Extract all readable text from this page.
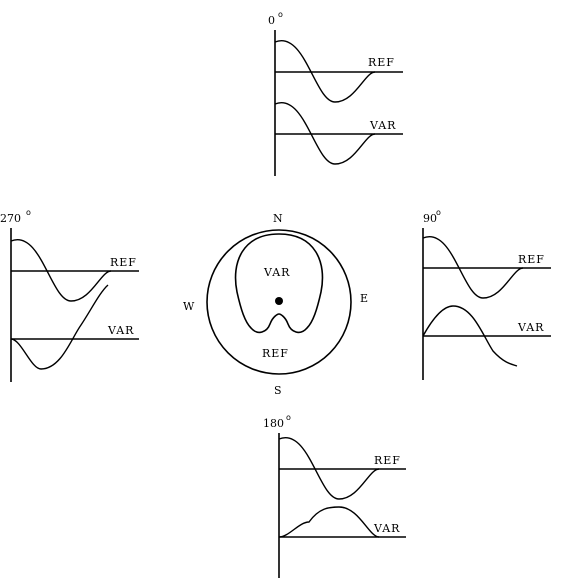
0 o
REF
VAR
270 o
REF
VAR
N
VAR
REF
W
E
S
90 o
REF
VAR
180 o
REF
VAR
